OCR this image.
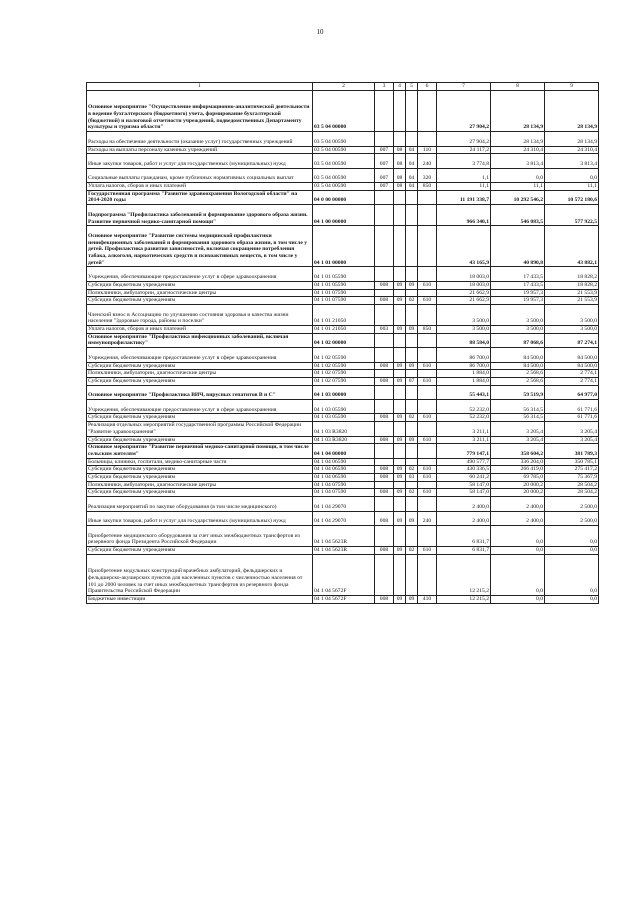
10
1	2	3	4	5	6	7	8	9
Основное мероприятие "Осуществление информационно-аналитической деятельности в ведение бухгалтерского (бюджетного) учета, формирование бухгалтерской (бюджетной) и налоговой отчетности учреждений, подведомственных Департаменту культуры и туризма области"	03 5 04 00000					27 904,2	28 134,9	28 134,9
Расходы на обеспечение деятельности (оказание услуг) государственных учреждений	03 5 04 00590					27 904,2	28 134,9	28 134,9
Расходы на выплаты персоналу казенных учреждений	03 5 04 00590	007	08	04	110	24 117,2	24 310,4	24 310,4
Иные закупки товаров, работ и услуг для государственных (муниципальных) нужд	03 5 04 00590	007	08	04	240	3 774,8	3 813,4	3 813,4
Социальные выплаты гражданам, кроме публичных нормативных социальных выплат	03 5 04 00590	007	08	04	320	1,1	0,0	0,0
Уплата налогов, сборов и иных платежей	03 5 04 00590	007	08	04	850	11,1	11,1	11,1
Государственная программа "Развитие здравоохранения Вологодской области" на 2014-2020 годы	04 0 00 00000					11 191 338,7	10 292 546,2	10 572 180,6
Подпрограмма "Профилактика заболеваний и формирование здорового образа жизни. Развитие первичной медико-санитарной помощи"	04 1 00 00000					966 340,1	546 083,5	577 922,5
Основное мероприятие "Развитие системы медицинской профилактики неинфекционных заболеваний и формирования здорового образа жизни, в том числе у детей. Профилактика развития зависимостей, включая сокращение потребления табака, алкоголя, наркотических средств и психоактивных веществ, в том числе у детей"	04 1 01 00000					43 165,9	40 890,8	43 882,1
Учреждения, обеспечивающие предоставление услуг в сфере здравоохранения	04 1 01 05590					18 003,0	17 433,5	18 828,2
Субсидии бюджетным учреждениям	04 1 01 05590	008	09	09	610	18 003,0	17 433,5	18 828,2
Поликлиники, амбулатории, диагностические центры	04 1 01 07590					21 662,9	19 957,3	21 553,9
Субсидии бюджетным учреждениям	04 1 01 07590	008	09	02	610	21 662,9	19 957,3	21 553,9
Членский взнос в Ассоциацию по улучшению состояния здоровья и качества жизни населения "Здоровые города, районы и поселки"	04 1 01 21050					3 500,0	3 500,0	3 500,0
Уплата налогов, сборов и иных платежей	04 1 01 21050	003	09	09	850	3 500,0	3 500,0	3 500,0
Основное мероприятие "Профилактика инфекционных заболеваний, включая иммунопрофилактику"	04 1 02 00000					88 584,0	87 068,6	87 274,1
Учреждения, обеспечивающие предоставление услуг в сфере здравоохранения	04 1 02 05590					86 700,0	84 500,0	84 500,0
Субсидии бюджетным учреждениям	04 1 02 05590	008	09	09	610	86 700,0	84 500,0	84 500,0
Поликлиники, амбулатории, диагностические центры	04 1 02 07590					1 884,0	2 568,6	2 774,1
Субсидии бюджетным учреждениям	04 1 02 07590	008	09	07	610	1 884,0	2 568,6	2 774,1
Основное мероприятие "Профилактика ВИЧ, вирусных гепатитов В и С"	04 1 03 00000					55 443,1	59 519,9	64 977,0
Учреждения, обеспечивающие предоставление услуг в сфере здравоохранения	04 1 03 05590					52 232,0	56 314,5	61 771,6
Субсидии бюджетным учреждениям	04 1 03 05590	008	09	02	610	52 232,0	56 314,5	61 771,6
Реализация отдельных мероприятий государственной программы Российской Федерации "Развитие здравоохранения"	04 1 03 R3820					3 211,1	3 205,4	3 205,4
Субсидии бюджетным учреждениям	04 1 03 R3820	008	09	09	610	3 211,1	3 205,4	3 205,4
Основное мероприятие "Развитие первичной медико-санитарной помощи, в том числе сельским жителям"	04 1 04 00000					779 147,1	358 604,2	381 789,3
Больницы, клиники, госпитали, медико-санитарные части	04 1 04 06590					490 577,7	336 204,0	350 785,1
Субсидии бюджетным учреждениям	04 1 04 06590	008	09	02	610	430 336,5	266 419,0	275 417,2
Субсидии бюджетным учреждениям	04 1 04 06590	008	09	03	610	60 241,2	69 785,0	75 367,9
Поликлиники, амбулатории, диагностические центры	04 1 04 07590					58 147,0	20 000,2	28 504,2
Субсидии бюджетным учреждениям	04 1 04 07590	008	09	02	610	58 147,0	20 000,2	28 504,2
Реализация мероприятий по закупке оборудования (в том числе медицинского)	04 1 04 29070					2 400,0	2 400,0	2 500,0
Иные закупки товаров, работ и услуг для государственных (муниципальных) нужд	04 1 04 29070	008	09	09	240	2 400,0	2 400,0	2 500,0
Приобретение медицинского оборудования за счет иных межбюджетных трансфертов из резервного фонда Президента Российской Федерации	04 1 04 5623R					6 831,7	0,0	0,0
Субсидии бюджетным учреждениям	04 1 04 5623R	008	09	02	610	6 831,7	0,0	0,0
Приобретение модульных конструкций врачебных амбулаторий, фельдшерских и фельдшерско-акушерских пунктов для населенных пунктов с численностью населения от 101 до 2000 человек за счет иных межбюджетных трансфертов из резервного фонда Правительства Российской Федерации	04 1 04 5672F					12 215,2	0,0	0,0
Бюджетные инвестиции	04 1 04 5672F	008	09	09	410	12 215,2	0,0	0,0
